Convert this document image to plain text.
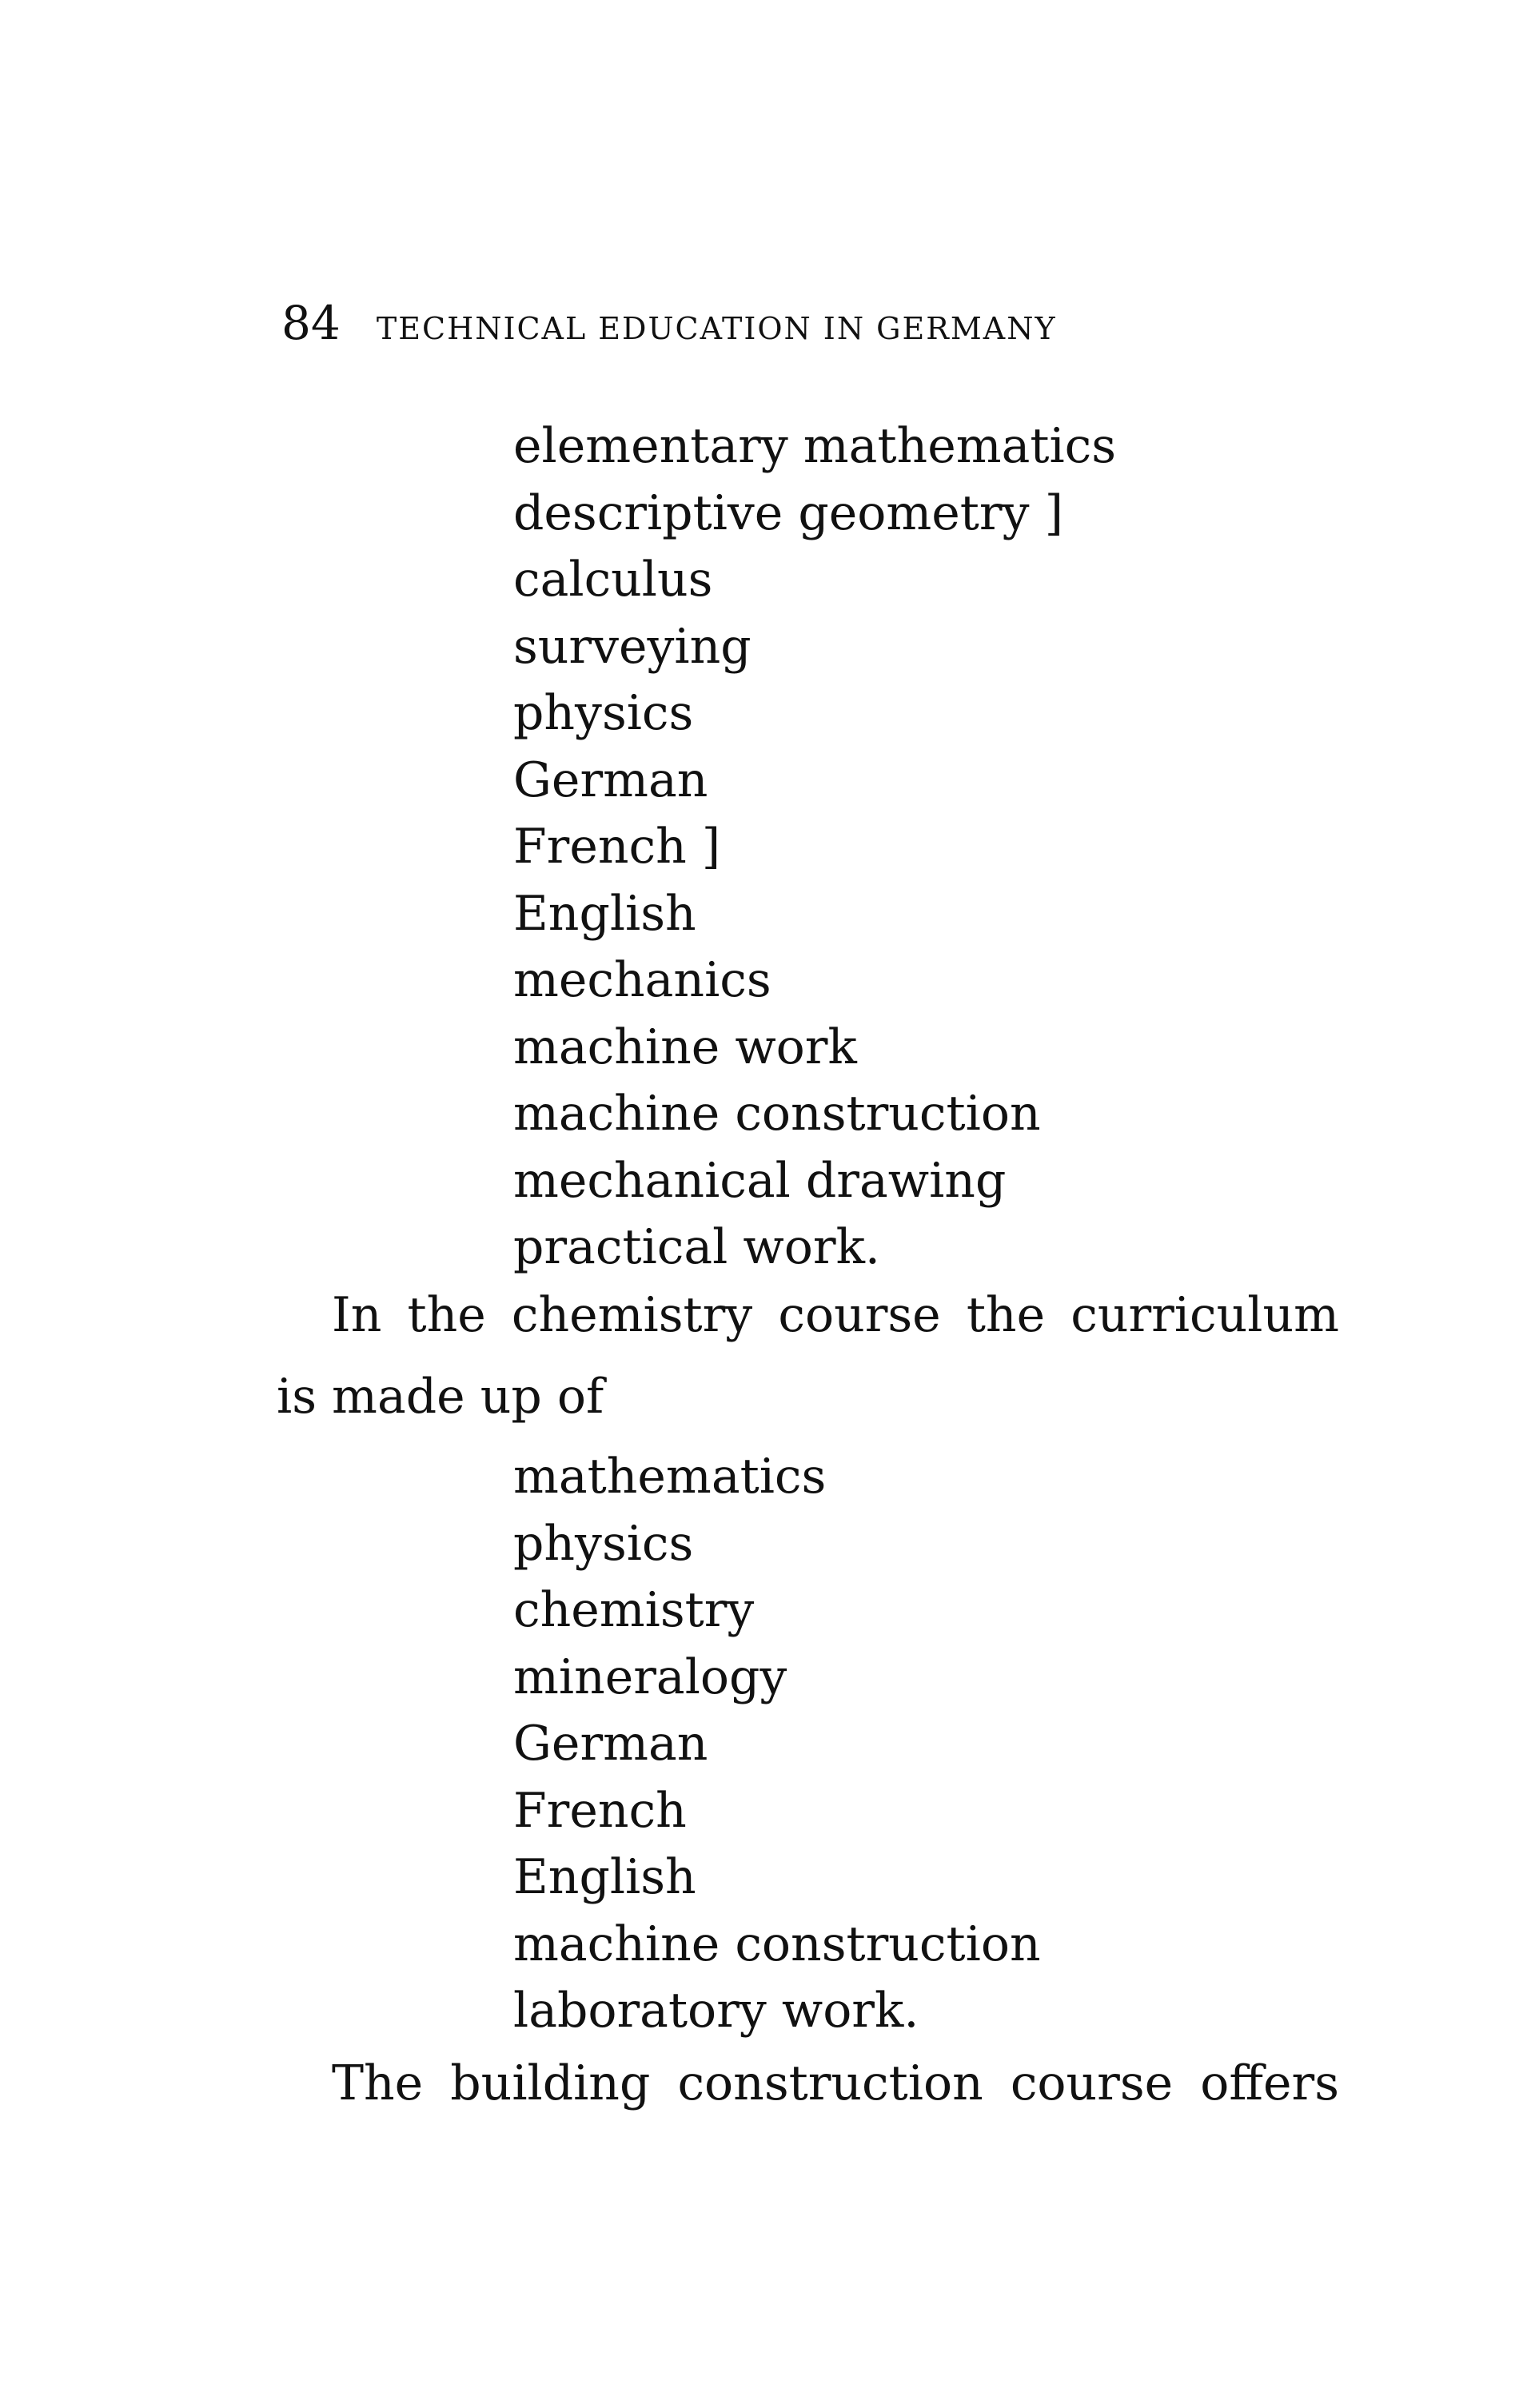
84 TECHNICAL EDUCATION IN GERMANY
elementary mathematics
descriptive geometry ]
calculus
surveying
physics
German
French ]
English
mechanics
machine work
machine construction
mechanical drawing
practical work.
In the chemistry course the curriculum
is made up of
mathematics
physics
chemistry
mineralogy
German
French
English
machine construction
laboratory work.
The building construction course offers
